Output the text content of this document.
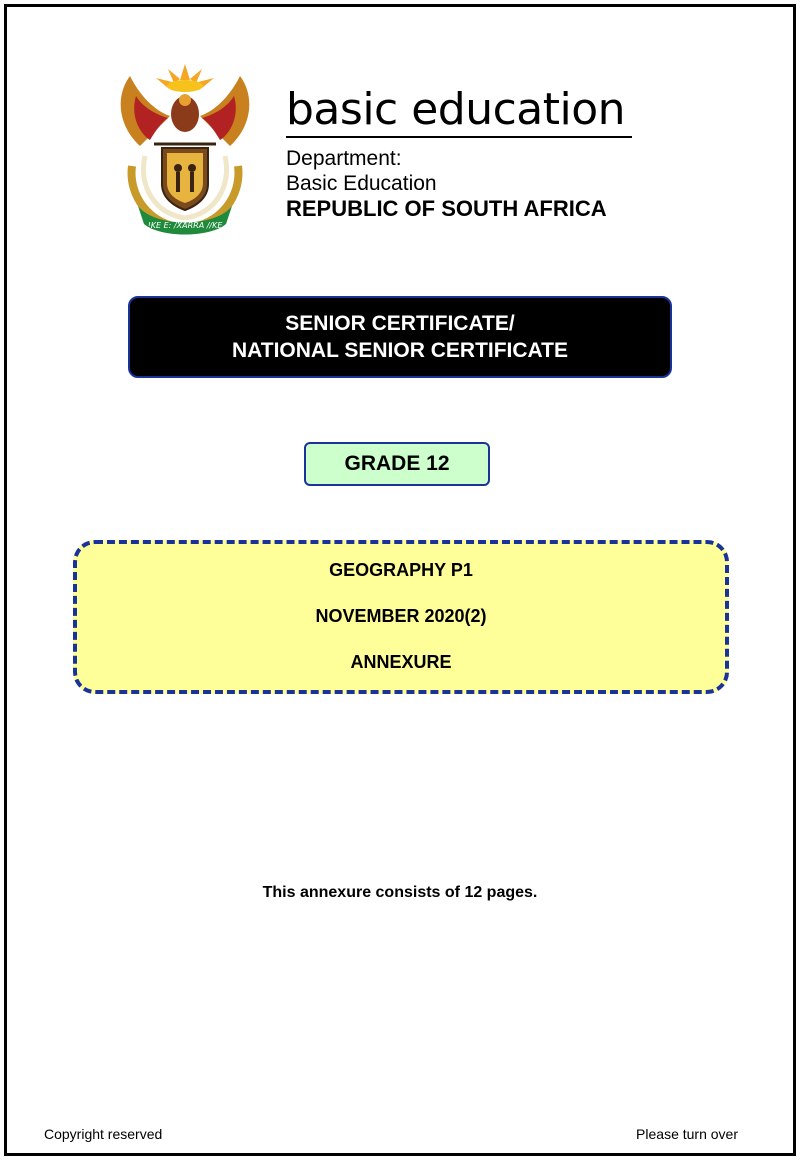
!KE E: /XARRA //KE
basic education
Department:
Basic Education
REPUBLIC OF SOUTH AFRICA
SENIOR CERTIFICATE/
NATIONAL SENIOR CERTIFICATE
GRADE 12
GEOGRAPHY P1
NOVEMBER 2020(2)
ANNEXURE
This annexure consists of 12 pages.
Copyright reserved	Please turn over
